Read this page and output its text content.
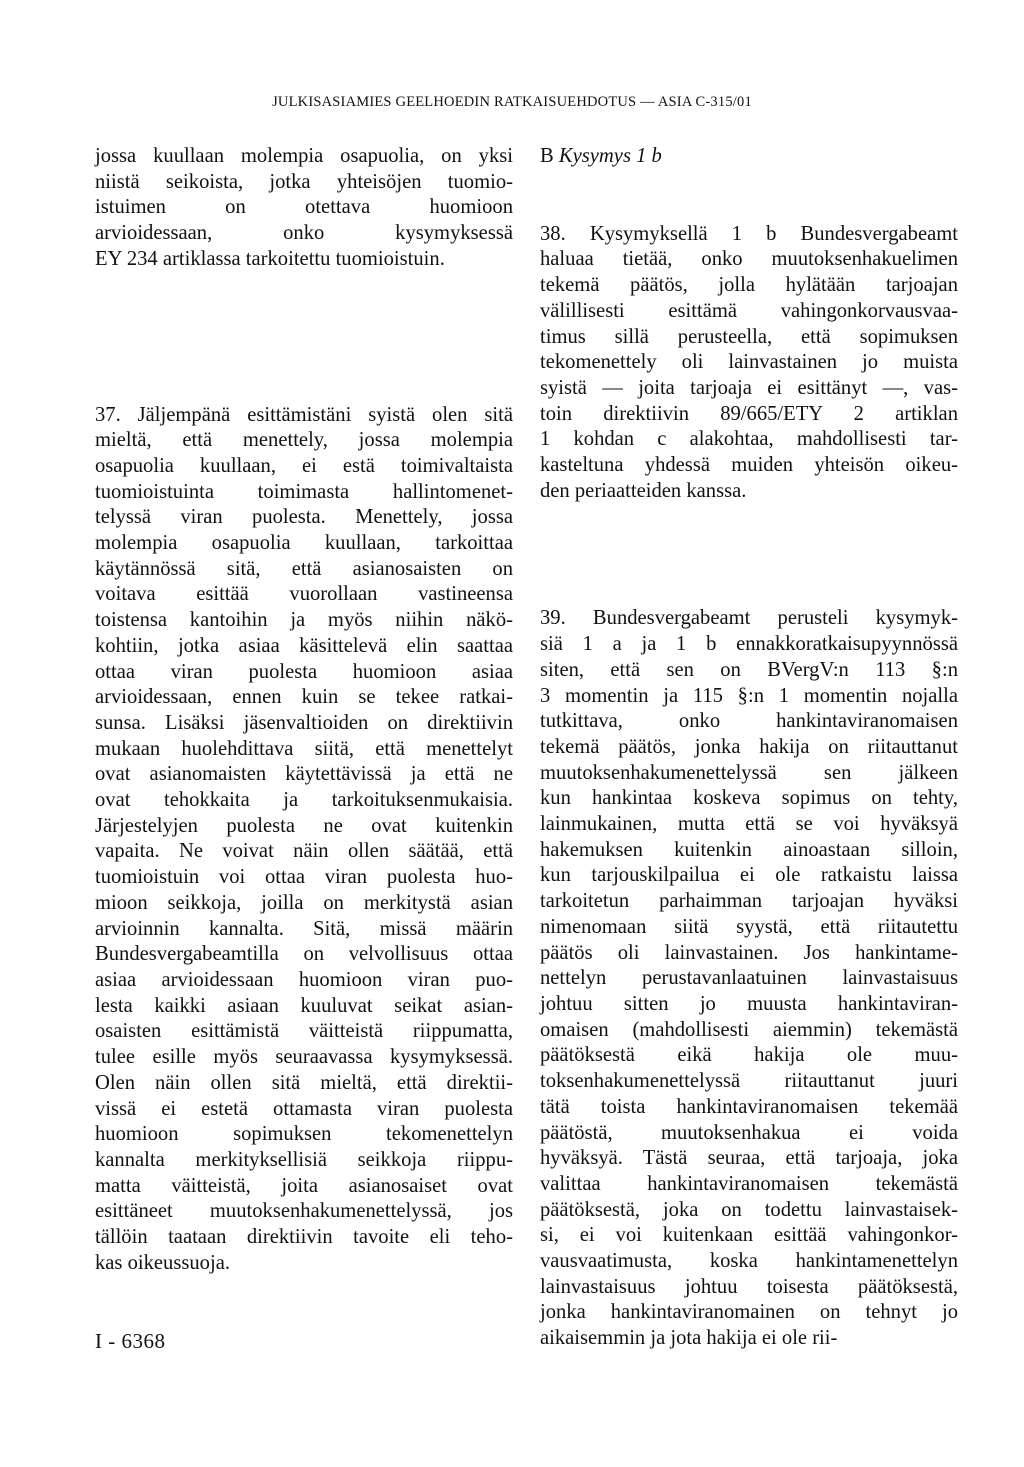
JULKISASIAMIES GEELHOEDIN RATKAISUEHDOTUS — ASIA C-315/01
jossa kuullaan molempia osapuolia, on yksi
niistä seikoista, jotka yhteisöjen tuomio-
istuimen on otettava huomioon
arvioidessaan, onko kysymyksessä
EY 234 artiklassa tarkoitettu tuomioistuin.
37. Jäljempänä esittämistäni syistä olen sitä
mieltä, että menettely, jossa molempia
osapuolia kuullaan, ei estä toimivaltaista
tuomioistuinta toimimasta hallintomenet-
telyssä viran puolesta. Menettely, jossa
molempia osapuolia kuullaan, tarkoittaa
käytännössä sitä, että asianosaisten on
voitava esittää vuorollaan vastineensa
toistensa kantoihin ja myös niihin näkö-
kohtiin, jotka asiaa käsittelevä elin saattaa
ottaa viran puolesta huomioon asiaa
arvioidessaan, ennen kuin se tekee ratkai-
sunsa. Lisäksi jäsenvaltioiden on direktiivin
mukaan huolehdittava siitä, että menettelyt
ovat asianomaisten käytettävissä ja että ne
ovat tehokkaita ja tarkoituksenmukaisia.
Järjestelyjen puolesta ne ovat kuitenkin
vapaita. Ne voivat näin ollen säätää, että
tuomioistuin voi ottaa viran puolesta huo-
mioon seikkoja, joilla on merkitystä asian
arvioinnin kannalta. Sitä, missä määrin
Bundesvergabeamtilla on velvollisuus ottaa
asiaa arvioidessaan huomioon viran puo-
lesta kaikki asiaan kuuluvat seikat asian-
osaisten esittämistä väitteistä riippumatta,
tulee esille myös seuraavassa kysymyksessä.
Olen näin ollen sitä mieltä, että direktii-
vissä ei estetä ottamasta viran puolesta
huomioon sopimuksen tekomenettelyn
kannalta merkityksellisiä seikkoja riippu-
matta väitteistä, joita asianosaiset ovat
esittäneet muutoksenhakumenettelyssä, jos
tällöin taataan direktiivin tavoite eli teho-
kas oikeussuoja.

B Kysymys 1 b

38. Kysymyksellä 1 b Bundesvergabeamt
haluaa tietää, onko muutoksenhakuelimen
tekemä päätös, jolla hylätään tarjoajan
välillisesti esittämä vahingonkorvausvaa-
timus sillä perusteella, että sopimuksen
tekomenettely oli lainvastainen jo muista
syistä — joita tarjoaja ei esittänyt —, vas-
toin direktiivin 89/665/ETY 2 artiklan
1 kohdan c alakohtaa, mahdollisesti tar-
kasteltuna yhdessä muiden yhteisön oikeu-
den periaatteiden kanssa.
39. Bundesvergabeamt perusteli kysymyk-
siä 1 a ja 1 b ennakkoratkaisupyynnössä
siten, että sen on BVergV:n 113 §:n
3 momentin ja 115 §:n 1 momentin nojalla
tutkittava, onko hankintaviranomaisen
tekemä päätös, jonka hakija on riitauttanut
muutoksenhakumenettelyssä sen jälkeen
kun hankintaa koskeva sopimus on tehty,
lainmukainen, mutta että se voi hyväksyä
hakemuksen kuitenkin ainoastaan silloin,
kun tarjouskilpailua ei ole ratkaistu laissa
tarkoitetun parhaimman tarjoajan hyväksi
nimenomaan siitä syystä, että riitautettu
päätös oli lainvastainen. Jos hankintame-
nettelyn perustavanlaatuinen lainvastaisuus
johtuu sitten jo muusta hankintaviran-
omaisen (mahdollisesti aiemmin) tekemästä
päätöksestä eikä hakija ole muu-
toksenhakumenettelyssä riitauttanut juuri
tätä toista hankintaviranomaisen tekemää
päätöstä, muutoksenhakua ei voida
hyväksyä. Tästä seuraa, että tarjoaja, joka
valittaa hankintaviranomaisen tekemästä
päätöksestä, joka on todettu lainvastaisek-
si, ei voi kuitenkaan esittää vahingonkor-
vausvaatimusta, koska hankintamenettelyn
lainvastaisuus johtuu toisesta päätöksestä,
jonka hankintaviranomainen on tehnyt jo
aikaisemmin ja jota hakija ei ole rii-
I - 6368
